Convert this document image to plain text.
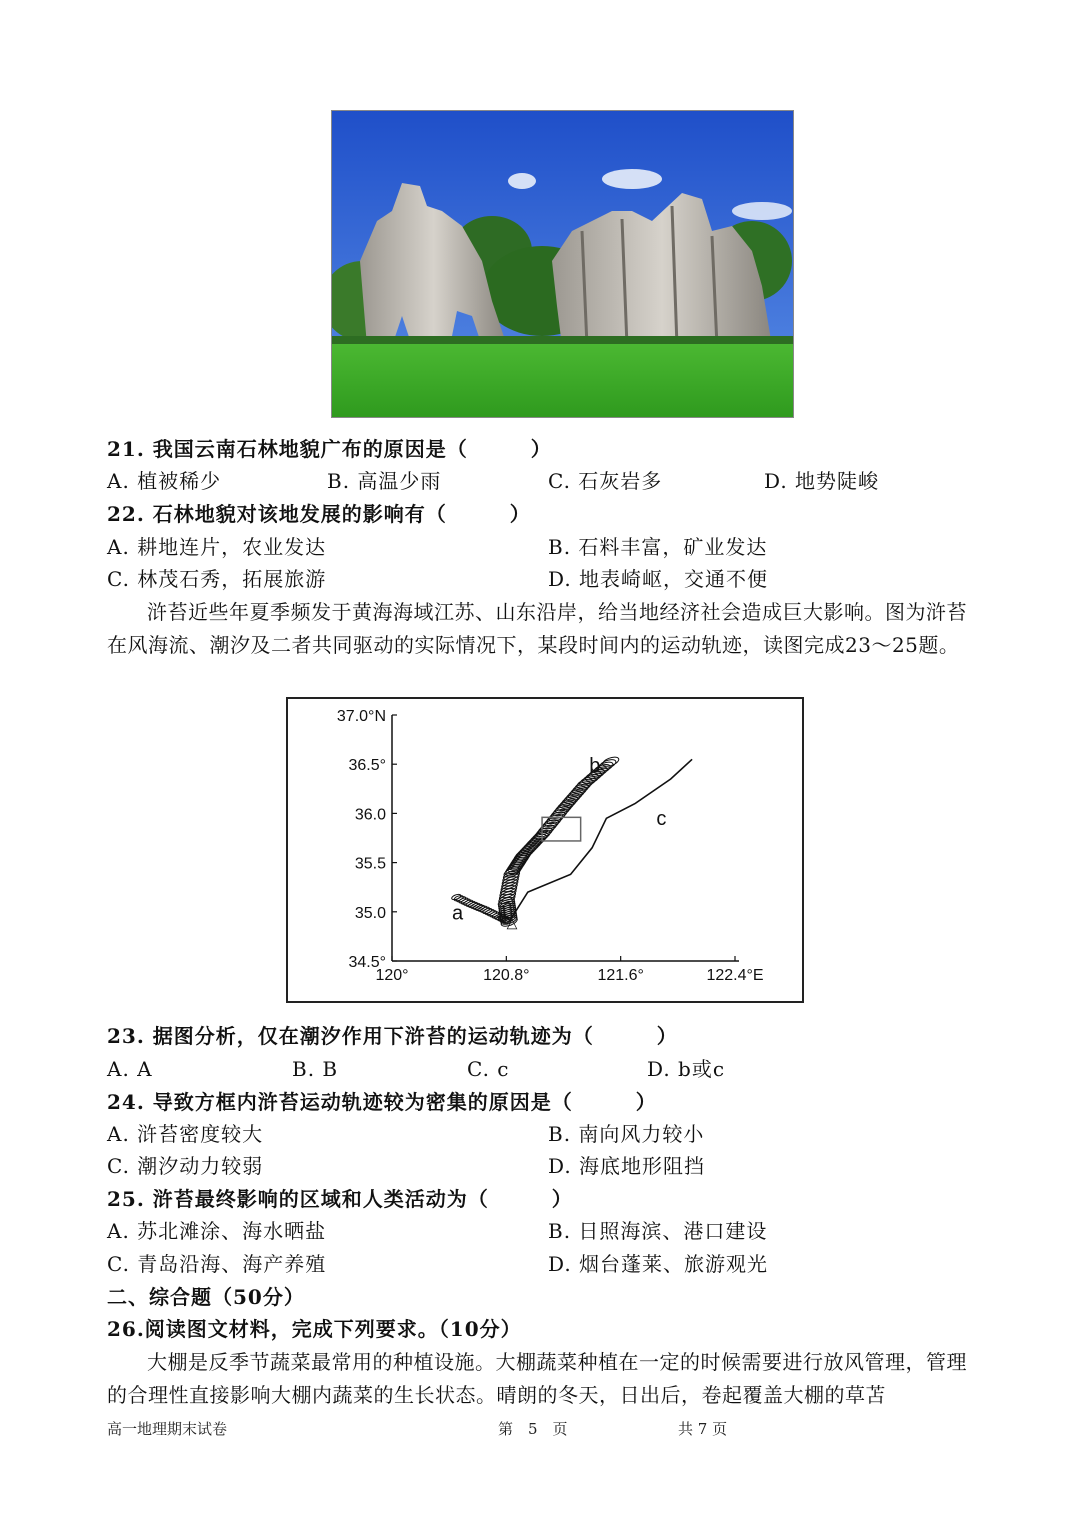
21. 我国云南石林地貌广布的原因是（　　　）
A. 植被稀少	B. 高温少雨	C. 石灰岩多	D. 地势陡峻
22. 石林地貌对该地发展的影响有（　　　）
A. 耕地连片，农业发达	B. 石料丰富，矿业发达
C. 林茂石秀，拓展旅游	D. 地表崎岖，交通不便
浒苔近些年夏季频发于黄海海域江苏、山东沿岸，给当地经济社会造成巨大影响。图为浒苔在风海流、潮汐及二者共同驱动的实际情况下，某段时间内的运动轨迹，读图完成23～25题。
120°	120.8°	121.6°	122.4°E
37.0°N
36.5°
36.0
35.5
35.0
34.5°
a
b
c
△
23. 据图分析，仅在潮汐作用下浒苔的运动轨迹为（　　　）
A. A	B. B	C. c	D. b或c
24. 导致方框内浒苔运动轨迹较为密集的原因是（　　　）
A. 浒苔密度较大	B. 南向风力较小
C. 潮汐动力较弱	D. 海底地形阻挡
25. 浒苔最终影响的区域和人类活动为（　　　）
A. 苏北滩涂、海水晒盐	B. 日照海滨、港口建设
C. 青岛沿海、海产养殖	D. 烟台蓬莱、旅游观光
二、综合题（50分）
26.阅读图文材料，完成下列要求。（10分）
大棚是反季节蔬菜最常用的种植设施。大棚蔬菜种植在一定的时候需要进行放风管理，管理的合理性直接影响大棚内蔬菜的生长状态。晴朗的冬天，日出后，卷起覆盖大棚的草苫
高一地理期末试卷	第　5　页	共 7 页
